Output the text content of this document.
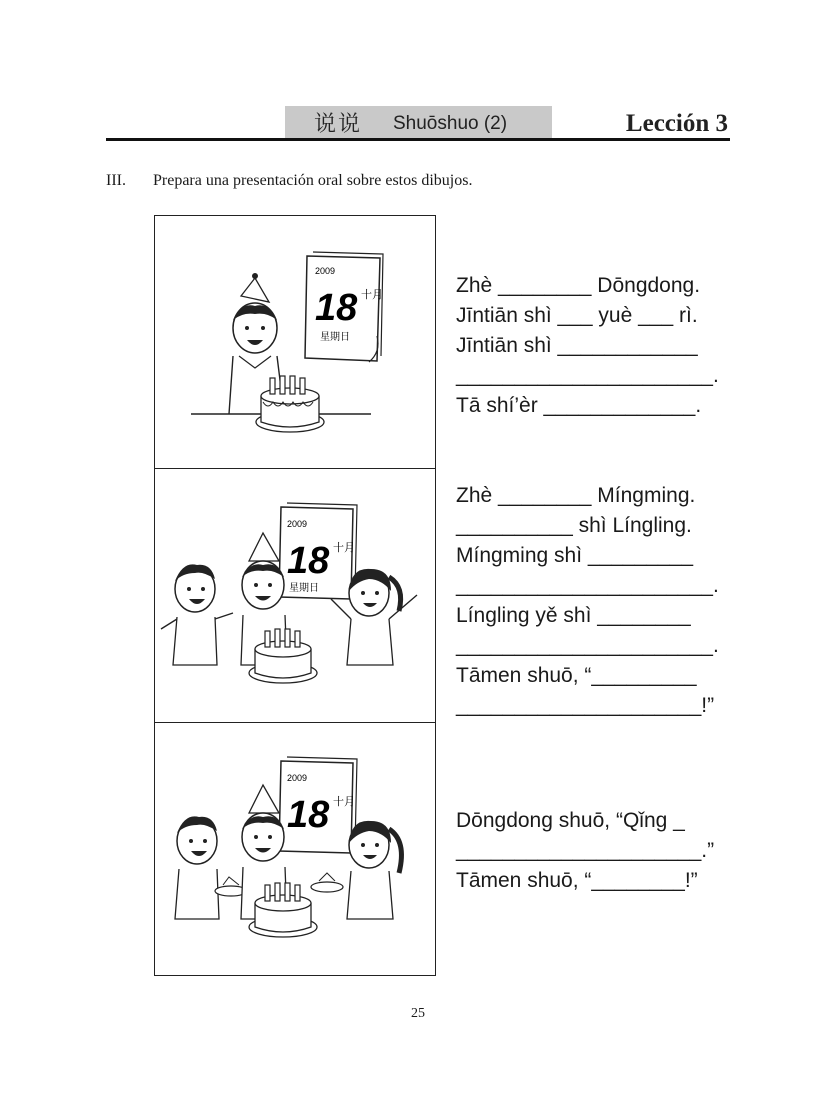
说说 Shuōshuo (2)	Lección 3
III. Prepara una presentación oral sobre estos dibujos.
2009
18 十月
星期日
2009
18 十月
星期日
2009
18 十月
Zhè ________ Dōngdong.
Jīntiān shì ___ yuè ___ rì.
Jīntiān shì ____________
______________________.
Tā shí’èr _____________.
Zhè ________ Míngming.
__________ shì Língling.
Míngming shì _________
______________________.
Língling yě shì ________
______________________.
Tāmen shuō, “_________
_____________________!”
Dōngdong shuō, “Qǐng _
_____________________.”
Tāmen shuō, “________!”
25
